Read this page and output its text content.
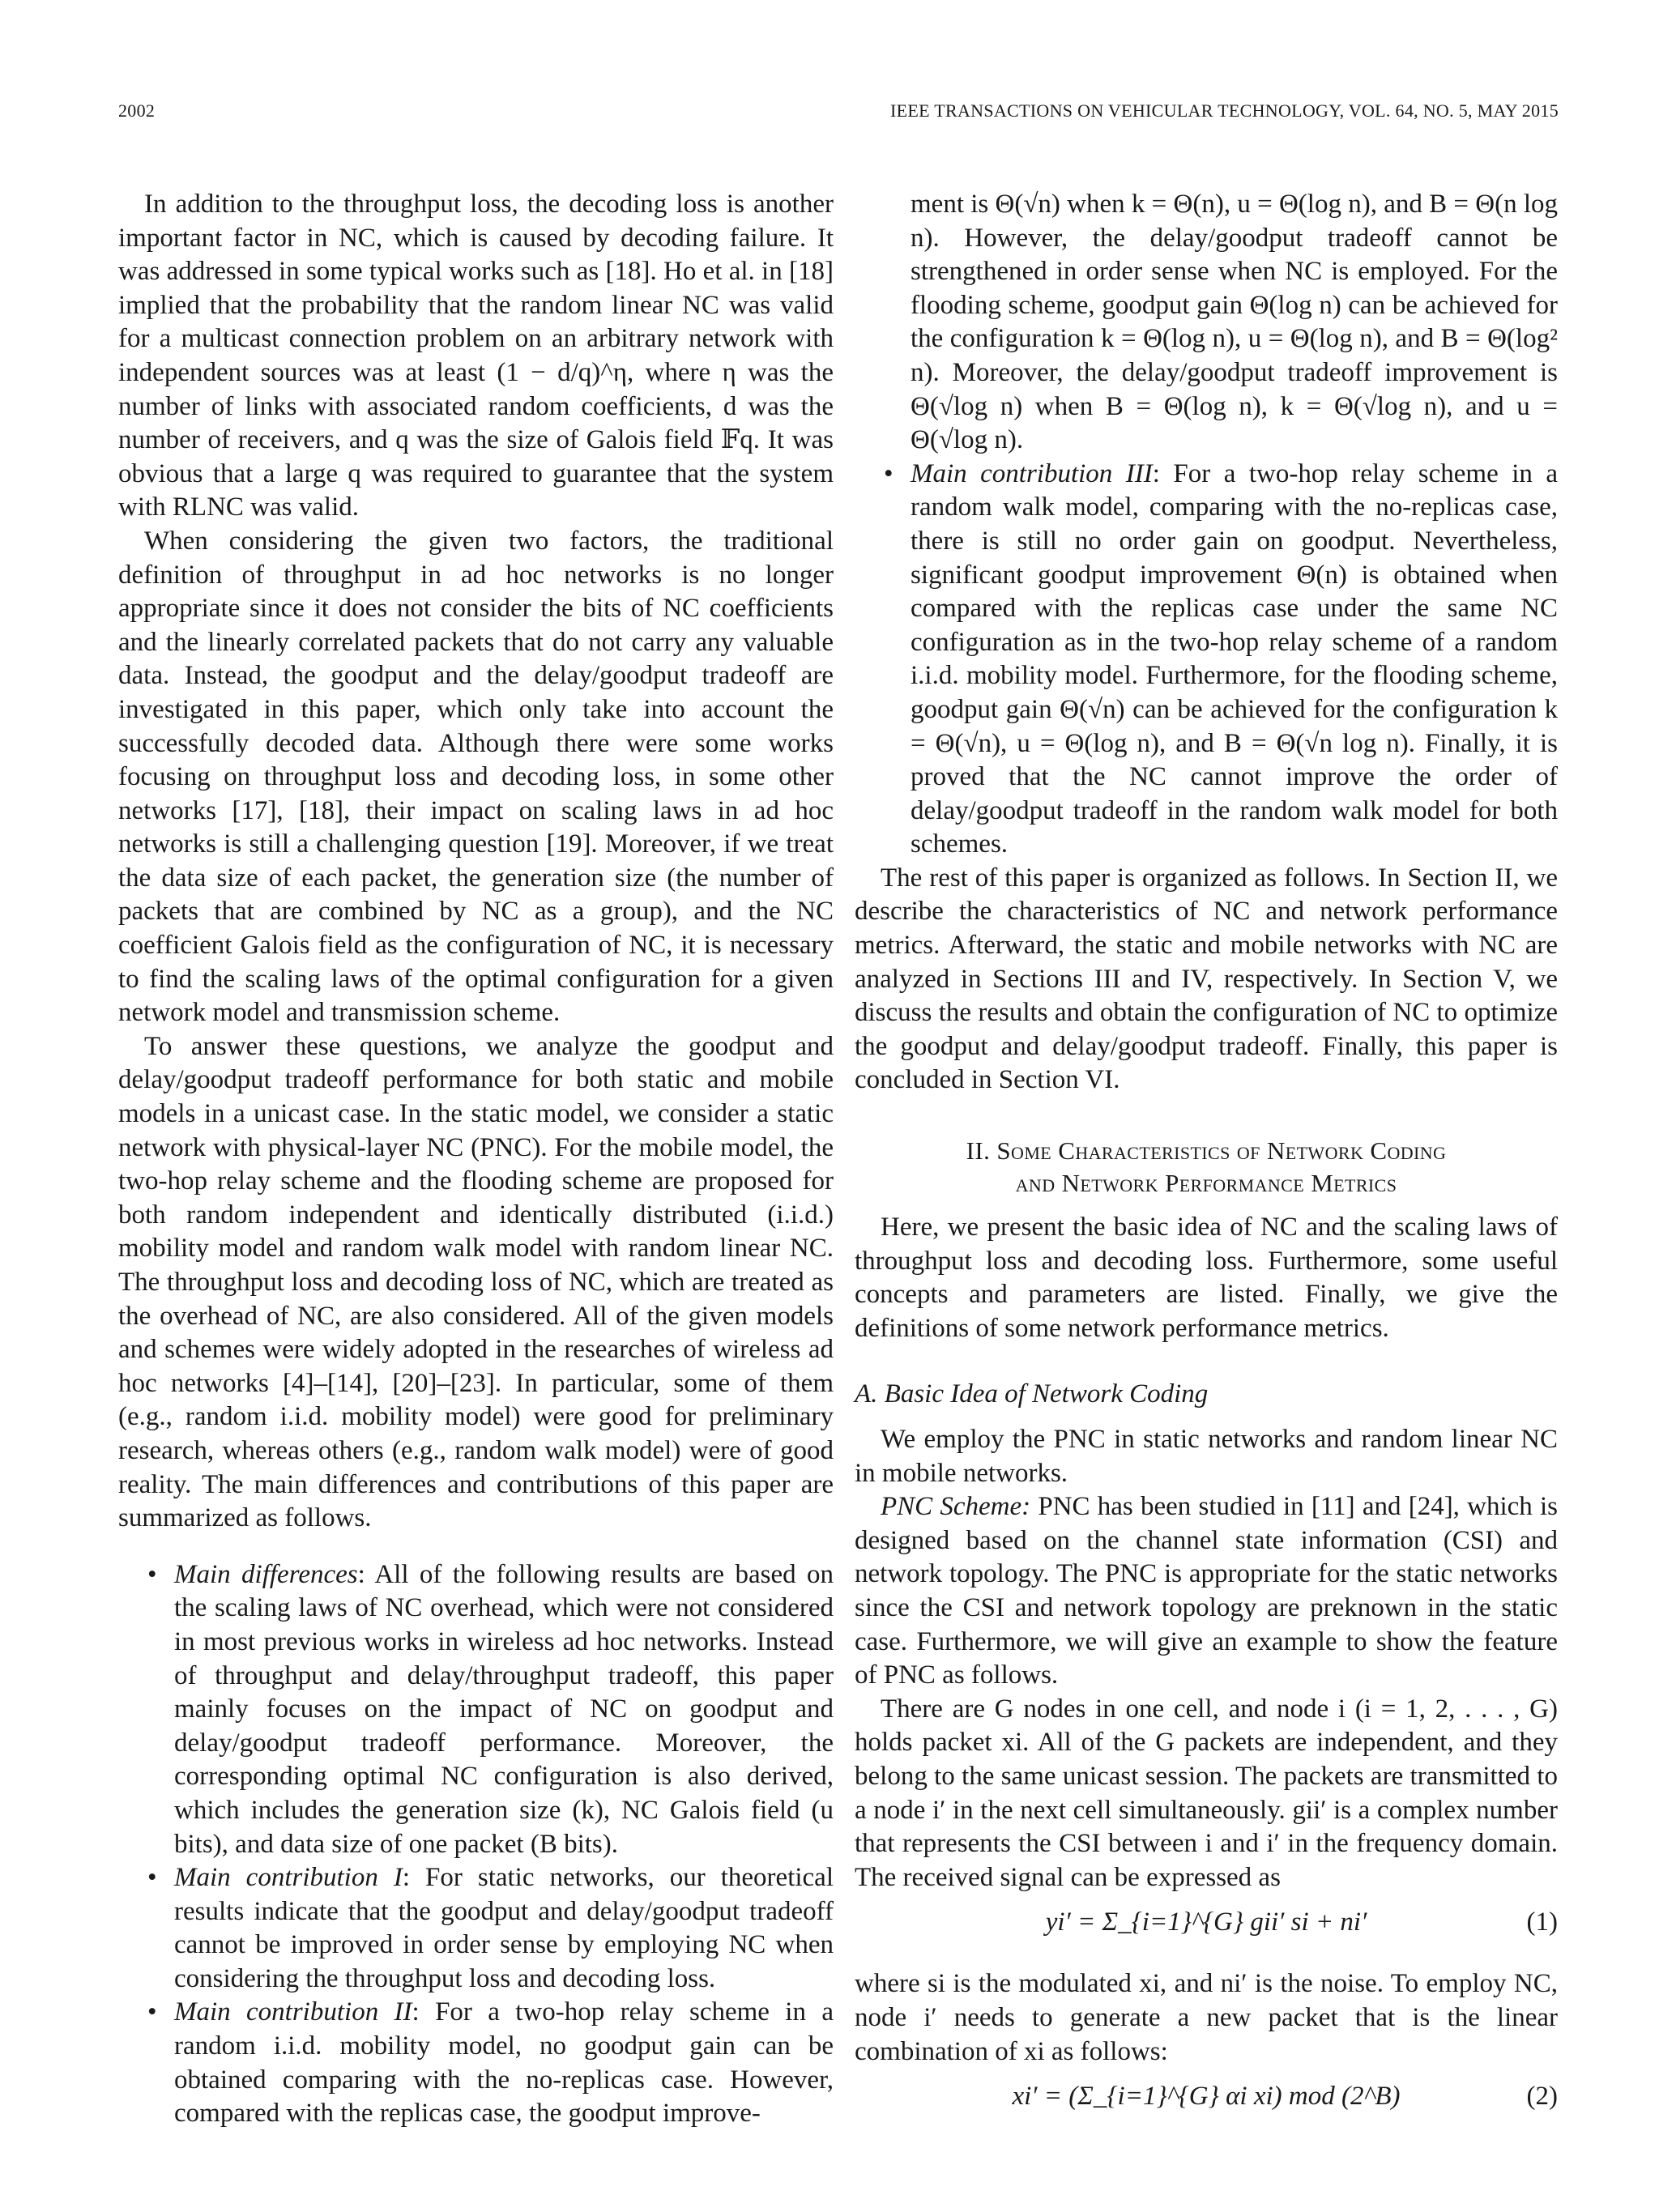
2002	IEEE TRANSACTIONS ON VEHICULAR TECHNOLOGY, VOL. 64, NO. 5, MAY 2015

In addition to the throughput loss, the decoding loss is another important factor in NC, which is caused by decoding failure. It was addressed in some typical works such as [18]. Ho et al. in [18] implied that the probability that the random linear NC was valid for a multicast connection problem on an arbitrary network with independent sources was at least (1 − d/q)^η, where η was the number of links with associated random coefficients, d was the number of receivers, and q was the size of Galois field 𝔽q. It was obvious that a large q was required to guarantee that the system with RLNC was valid.

When considering the given two factors, the traditional definition of throughput in ad hoc networks is no longer appropriate since it does not consider the bits of NC coefficients and the linearly correlated packets that do not carry any valuable data. Instead, the goodput and the delay/goodput tradeoff are investigated in this paper, which only take into account the successfully decoded data. Although there were some works focusing on throughput loss and decoding loss, in some other networks [17], [18], their impact on scaling laws in ad hoc networks is still a challenging question [19]. Moreover, if we treat the data size of each packet, the generation size (the number of packets that are combined by NC as a group), and the NC coefficient Galois field as the configuration of NC, it is necessary to find the scaling laws of the optimal configuration for a given network model and transmission scheme.

To answer these questions, we analyze the goodput and delay/goodput tradeoff performance for both static and mobile models in a unicast case. In the static model, we consider a static network with physical-layer NC (PNC). For the mobile model, the two-hop relay scheme and the flooding scheme are proposed for both random independent and identically distributed (i.i.d.) mobility model and random walk model with random linear NC. The throughput loss and decoding loss of NC, which are treated as the overhead of NC, are also considered. All of the given models and schemes were widely adopted in the researches of wireless ad hoc networks [4]–[14], [20]–[23]. In particular, some of them (e.g., random i.i.d. mobility model) were good for preliminary research, whereas others (e.g., random walk model) were of good reality. The main differences and contributions of this paper are summarized as follows.

• Main differences: All of the following results are based on the scaling laws of NC overhead, which were not considered in most previous works in wireless ad hoc networks. Instead of throughput and delay/throughput tradeoff, this paper mainly focuses on the impact of NC on goodput and delay/goodput tradeoff performance. Moreover, the corresponding optimal NC configuration is also derived, which includes the generation size (k), NC Galois field (u bits), and data size of one packet (B bits).
• Main contribution I: For static networks, our theoretical results indicate that the goodput and delay/goodput tradeoff cannot be improved in order sense by employing NC when considering the throughput loss and decoding loss.
• Main contribution II: For a two-hop relay scheme in a random i.i.d. mobility model, no goodput gain can be obtained comparing with the no-replicas case. However, compared with the replicas case, the goodput improve-
ment is Θ(√n) when k = Θ(n), u = Θ(log n), and B = Θ(n log n). However, the delay/goodput tradeoff cannot be strengthened in order sense when NC is employed. For the flooding scheme, goodput gain Θ(log n) can be achieved for the configuration k = Θ(log n), u = Θ(log n), and B = Θ(log² n). Moreover, the delay/goodput tradeoff improvement is Θ(√log n) when B = Θ(log n), k = Θ(√log n), and u = Θ(√log n).
• Main contribution III: For a two-hop relay scheme in a random walk model, comparing with the no-replicas case, there is still no order gain on goodput. Nevertheless, significant goodput improvement Θ(n) is obtained when compared with the replicas case under the same NC configuration as in the two-hop relay scheme of a random i.i.d. mobility model. Furthermore, for the flooding scheme, goodput gain Θ(√n) can be achieved for the configuration k = Θ(√n), u = Θ(log n), and B = Θ(√n log n). Finally, it is proved that the NC cannot improve the order of delay/goodput tradeoff in the random walk model for both schemes.

The rest of this paper is organized as follows. In Section II, we describe the characteristics of NC and network performance metrics. Afterward, the static and mobile networks with NC are analyzed in Sections III and IV, respectively. In Section V, we discuss the results and obtain the configuration of NC to optimize the goodput and delay/goodput tradeoff. Finally, this paper is concluded in Section VI.

II. Some Characteristics of Network Coding
and Network Performance Metrics

Here, we present the basic idea of NC and the scaling laws of throughput loss and decoding loss. Furthermore, some useful concepts and parameters are listed. Finally, we give the definitions of some network performance metrics.

A. Basic Idea of Network Coding

We employ the PNC in static networks and random linear NC in mobile networks.

PNC Scheme: PNC has been studied in [11] and [24], which is designed based on the channel state information (CSI) and network topology. The PNC is appropriate for the static networks since the CSI and network topology are preknown in the static case. Furthermore, we will give an example to show the feature of PNC as follows.

There are G nodes in one cell, and node i (i = 1, 2, . . . , G) holds packet xi. All of the G packets are independent, and they belong to the same unicast session. The packets are transmitted to a node i′ in the next cell simultaneously. gii′ is a complex number that represents the CSI between i and i′ in the frequency domain. The received signal can be expressed as

yi′ = Σ_{i=1}^{G} gii′ si + ni′	(1)

where si is the modulated xi, and ni′ is the noise. To employ NC, node i′ needs to generate a new packet that is the linear combination of xi as follows:

xi′ = (Σ_{i=1}^{G} αi xi) mod (2^B)	(2)
